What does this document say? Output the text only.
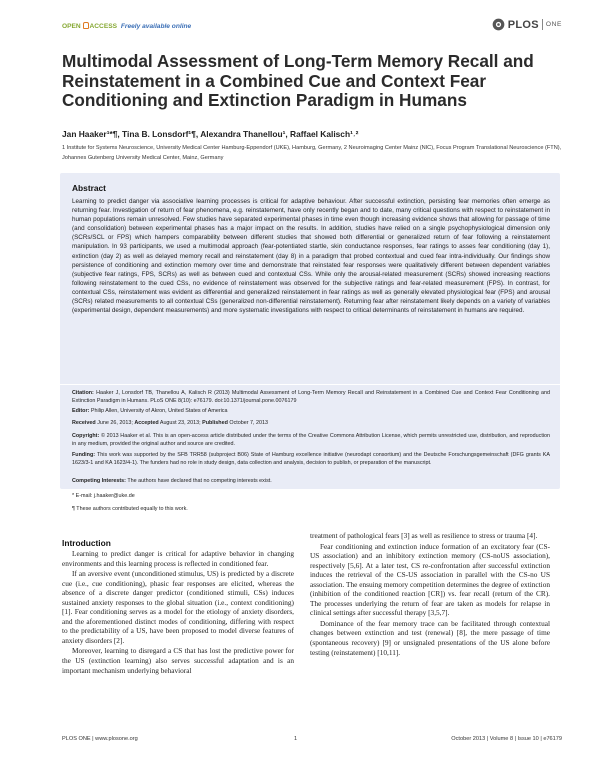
OPEN ACCESS Freely available online	PLOS ONE
Multimodal Assessment of Long-Term Memory Recall and Reinstatement in a Combined Cue and Context Fear Conditioning and Extinction Paradigm in Humans
Jan Haaker¹*¶, Tina B. Lonsdorf¹¶, Alexandra Thanellou¹, Raffael Kalisch¹˒²
1 Institute for Systems Neuroscience, University Medical Center Hamburg-Eppendorf (UKE), Hamburg, Germany, 2 Neuroimaging Center Mainz (NIC), Focus Program Translational Neuroscience (FTN), Johannes Gutenberg University Medical Center, Mainz, Germany
Abstract
Learning to predict danger via associative learning processes is critical for adaptive behaviour. After successful extinction, persisting fear memories often emerge as returning fear. Investigation of return of fear phenomena, e.g. reinstatement, have only recently began and to date, many critical questions with respect to reinstatement in human populations remain unresolved. Few studies have separated experimental phases in time even though increasing evidence shows that allowing for passage of time (and consolidation) between experimental phases has a major impact on the results. In addition, studies have relied on a single psychophysiological dimension only (SCRs/SCL or FPS) which hampers comparability between different studies that showed both differential or generalized return of fear following a reinstatement manipulation. In 93 participants, we used a multimodal approach (fear-potentiated startle, skin conductance responses, fear ratings to asses fear conditioning (day 1), extinction (day 2) as well as delayed memory recall and reinstatement (day 8) in a paradigm that probed contextual and cued fear intra-individually. Our findings show persistence of conditioning and extinction memory over time and demonstrate that reinstated fear responses were qualitatively different between dependent variables (subjective fear ratings, FPS, SCRs) as well as between cued and contextual CSs. While only the arousal-related measurement (SCRs) showed increasing reactions following reinstatement to the cued CSs, no evidence of reinstatement was observed for the subjective ratings and fear-related measurement (FPS). In contrast, for contextual CSs, reinstatement was evident as differential and generalized reinstatement in fear ratings as well as generally elevated physiological fear (FPS) and arousal (SCRs) related measurements to all contextual CSs (generalized non-differential reinstatement). Returning fear after reinstatement likely depends on a variety of variables (experimental design, dependent measurements) and more systematic investigations with respect to critical determinants of reinstatement in humans are required.
Citation: Haaker J, Lonsdorf TB, Thanellou A, Kalisch R (2013) Multimodal Assessment of Long-Term Memory Recall and Reinstatement in a Combined Cue and Context Fear Conditioning and Extinction Paradigm in Humans. PLoS ONE 8(10): e76179. doi:10.1371/journal.pone.0076179
Editor: Philip Allen, University of Akron, United States of America
Received June 26, 2013; Accepted August 23, 2013; Published October 7, 2013
Copyright: © 2013 Haaker et al. This is an open-access article distributed under the terms of the Creative Commons Attribution License, which permits unrestricted use, distribution, and reproduction in any medium, provided the original author and source are credited.
Funding: This work was supported by the SFB TRR58 (subproject B06) State of Hamburg excellence initiative (neurodapt consortium) and the Deutsche Forschungsgemeinschaft (DFG grants KA 1623/3-1 and KA 1623/4-1). The funders had no role in study design, data collection and analysis, decision to publish, or preparation of the manuscript.
Competing Interests: The authors have declared that no competing interests exist.
* E-mail: j.haaker@uke.de
¶ These authors contributed equally to this work.
Introduction

Learning to predict danger is critical for adaptive behavior in changing environments and this learning process is reflected in conditioned fear.

If an aversive event (unconditioned stimulus, US) is predicted by a discrete cue (i.e., cue conditioning), phasic fear responses are elicited, whereas the absence of a discrete danger predictor (conditioned stimuli, CSs) induces sustained anxiety responses to the global situation (i.e., context conditioning) [1]. Fear conditioning serves as a model for the etiology of anxiety disorders, and the aforementioned distinct modes of conditioning, differing with respect to the predictability of a US, have been proposed to model diverse features of anxiety disorders [2].

Moreover, learning to disregard a CS that has lost the predictive power for the US (extinction learning) also serves successful adaptation and is an important mechanism underlying behavioral

treatment of pathological fears [3] as well as resilience to stress or trauma [4].

Fear conditioning and extinction induce formation of an excitatory fear (CS-US association) and an inhibitory extinction memory (CS-noUS association), respectively [5,6]. At a later test, CS re-confrontation after successful extinction induces the retrieval of the CS-US association in parallel with the CS-no US association. The ensuing memory competition determines the degree of extinction (inhibition of the conditioned reaction [CR]) vs. fear recall (return of the CR). The processes underlying the return of fear are taken as models for relapse in clinical settings after successful therapy [3,5,7].

Dominance of the fear memory trace can be facilitated through contextual changes between extinction and test (renewal) [8], the mere passage of time (spontaneous recovery) [9] or unsignaled presentations of the US alone before testing (reinstatement) [10,11].

PLOS ONE | www.plosone.org	1	October 2013 | Volume 8 | Issue 10 | e76179
